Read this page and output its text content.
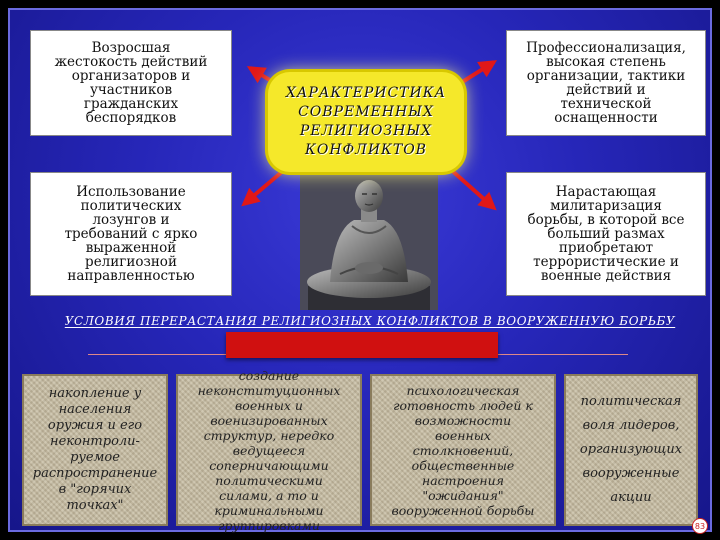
Возросшая
жестокость действий
организаторов и
участников
гражданских
беспорядков
Профессионализация,
высокая степень
организации, тактики
действий и
технической
оснащенности
Использование
политических
лозунгов и
требований с ярко
выраженной
религиозной
направленностью
Нарастающая
милитаризация
борьбы, в которой все
больший размах
приобретают
террористические и
военные действия
ХАРАКТЕРИСТИКА
СОВРЕМЕННЫХ
РЕЛИГИОЗНЫХ
КОНФЛИКТОВ
УСЛОВИЯ ПЕРЕРАСТАНИЯ РЕЛИГИОЗНЫХ КОНФЛИКТОВ В ВООРУЖЕННУЮ БОРЬБУ
накопление у
населения
оружия и его
неконтроли-
руемое
распространение
в "горячих
точках"
создание
неконституционных
военных и
военизированных
структур, нередко
ведущееся
соперничающими
политическими
силами, а то и
криминальными
группировками
психологическая
готовность людей к
возможности
военных
столкновений,
общественные
настроения
"ожидания"
вооруженной борьбы
политическая
воля лидеров,
организующих
вооруженные
акции
83
